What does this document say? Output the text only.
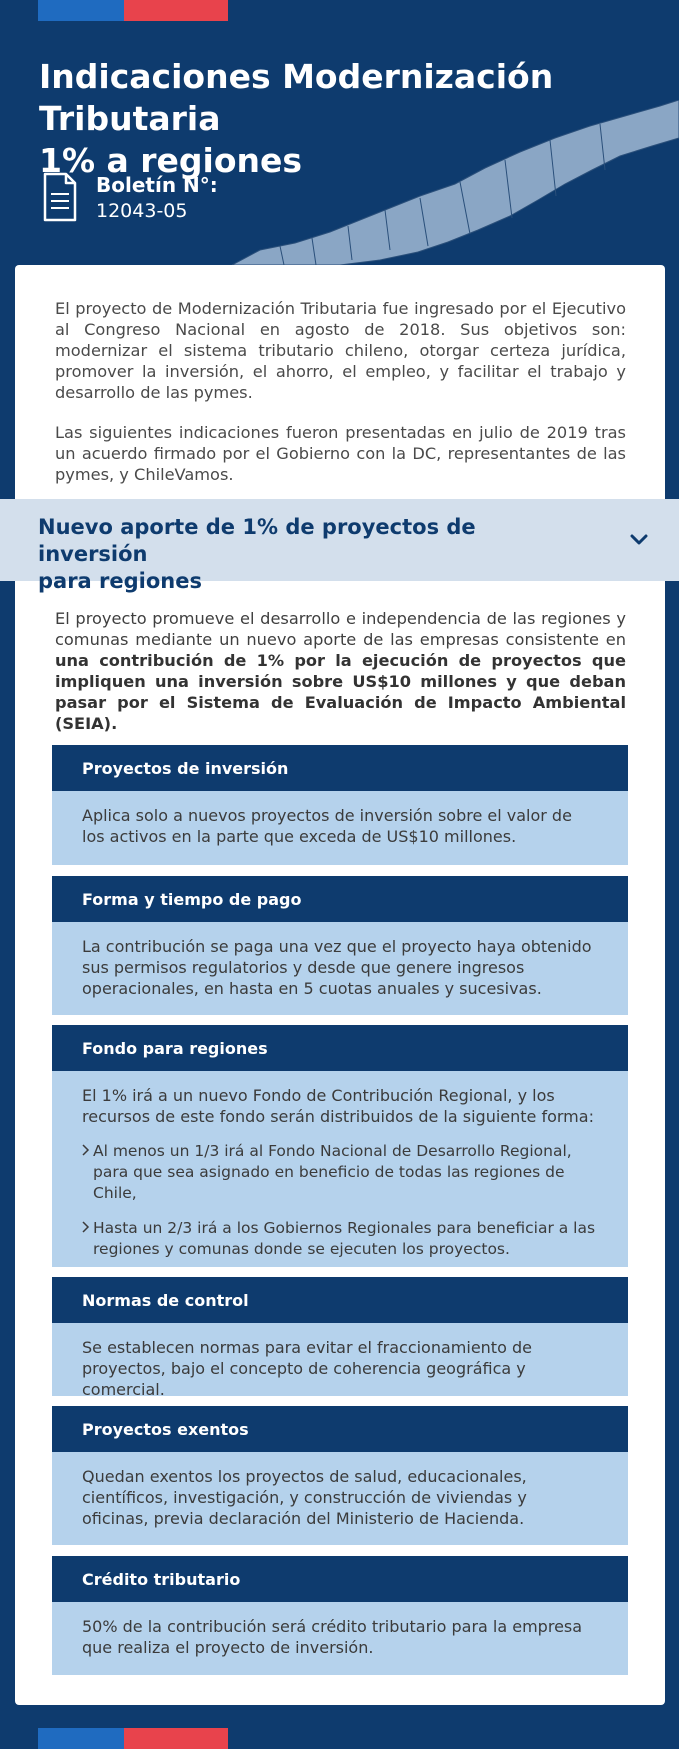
Indicaciones Modernización Tributaria
1% a regiones
Boletín N°:
12043-05

El proyecto de Modernización Tributaria fue ingresado por el Ejecutivo al Congreso Nacional en agosto de 2018. Sus objetivos son: modernizar el sistema tributario chileno, otorgar certeza jurídica, promover la inversión, el ahorro, el empleo, y facilitar el trabajo y desarrollo de las pymes.

Las siguientes indicaciones fueron presentadas en julio de 2019 tras un acuerdo firmado por el Gobierno con la DC, representantes de las pymes, y ChileVamos.

Nuevo aporte de 1% de proyectos de inversión
para regiones

El proyecto promueve el desarrollo e independencia de las regiones y comunas mediante un nuevo aporte de las empresas consistente en una contribución de 1% por la ejecución de proyectos que impliquen una inversión sobre US$10 millones y que deban pasar por el Sistema de Evaluación de Impacto Ambiental (SEIA).

Proyectos de inversión

Aplica solo a nuevos proyectos de inversión sobre el valor de los activos en la parte que exceda de US$10 millones.

Forma y tiempo de pago

La contribución se paga una vez que el proyecto haya obtenido sus permisos regulatorios y desde que genere ingresos operacionales, en hasta en 5 cuotas anuales y sucesivas.

Fondo para regiones

El 1% irá a un nuevo Fondo de Contribución Regional, y los recursos de este fondo serán distribuidos de la siguiente forma:

Al menos un 1/3 irá al Fondo Nacional de Desarrollo Regional, para que sea asignado en beneficio de todas las regiones de Chile,
Hasta un 2/3 irá a los Gobiernos Regionales para beneficiar a las regiones y comunas donde se ejecuten los proyectos.
Normas de control

Se establecen normas para evitar el fraccionamiento de proyectos, bajo el concepto de coherencia geográfica y comercial.

Proyectos exentos

Quedan exentos los proyectos de salud, educacionales, científicos, investigación, y construcción de viviendas y oficinas, previa declaración del Ministerio de Hacienda.

Crédito tributario

50% de la contribución será crédito tributario para la empresa que realiza el proyecto de inversión.
